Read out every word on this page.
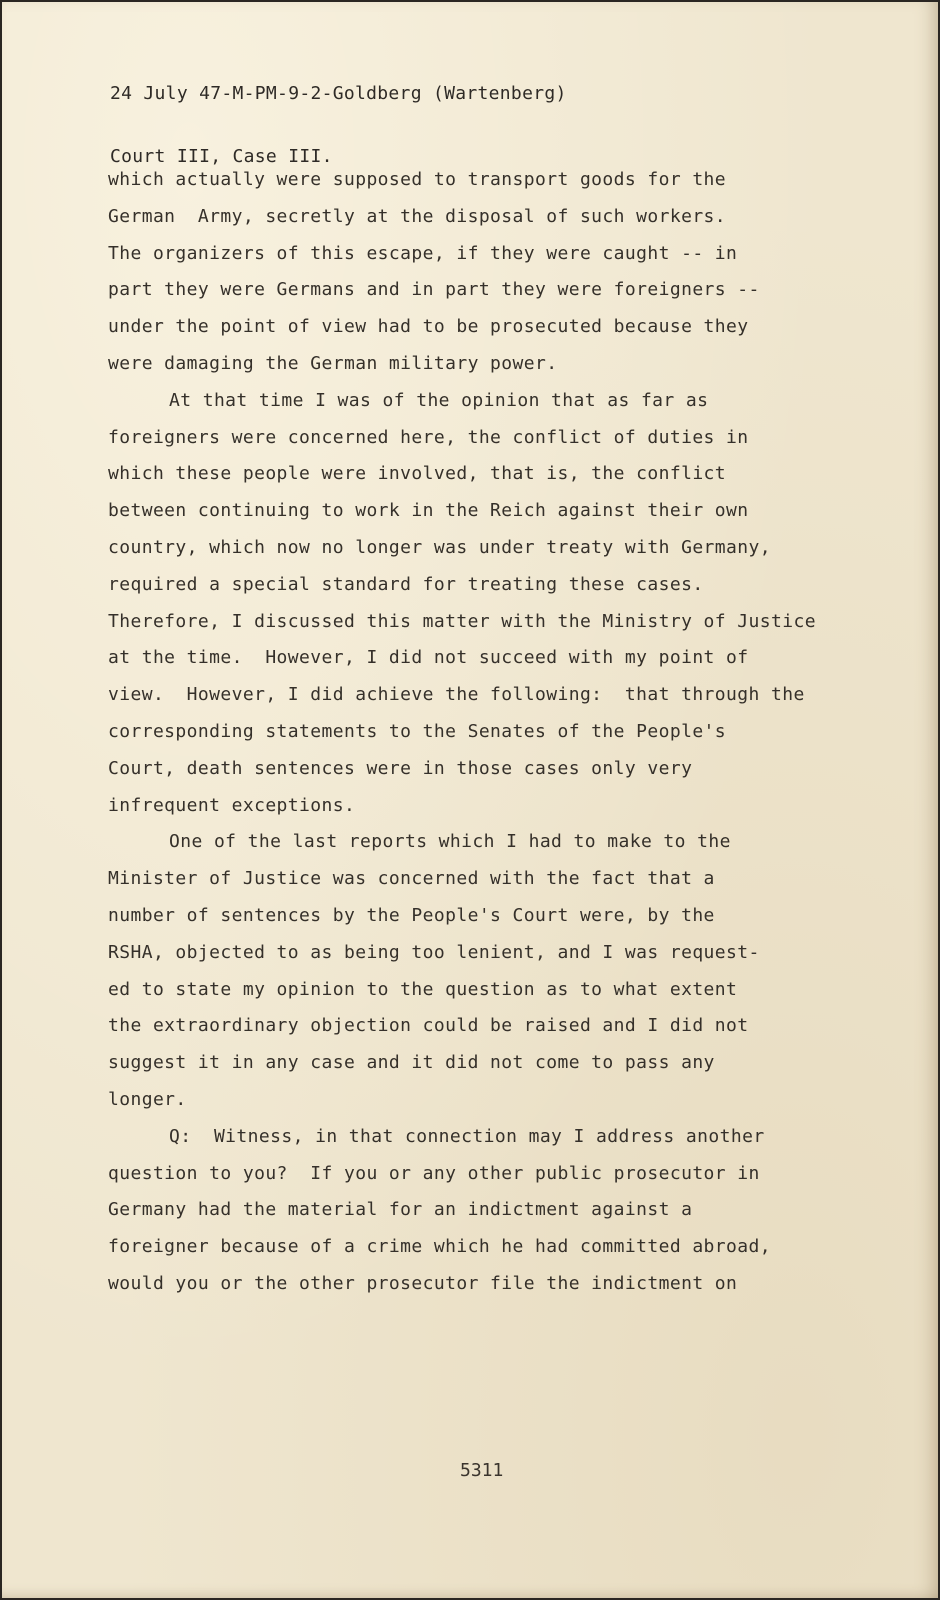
24 July 47-M-PM-9-2-Goldberg (Wartenberg)

Court III, Case III.

which actually were supposed to transport goods for the
German  Army, secretly at the disposal of such workers.
The organizers of this escape, if they were caught -- in
part they were Germans and in part they were foreigners --
under the point of view had to be prosecuted because they
were damaging the German military power.
At that time I was of the opinion that as far as
foreigners were concerned here, the conflict of duties in
which these people were involved, that is, the conflict
between continuing to work in the Reich against their own
country, which now no longer was under treaty with Germany,
required a special standard for treating these cases.
Therefore, I discussed this matter with the Ministry of Justice
at the time.  However, I did not succeed with my point of
view.  However, I did achieve the following:  that through the
corresponding statements to the Senates of the People's
Court, death sentences were in those cases only very
infrequent exceptions.
One of the last reports which I had to make to the
Minister of Justice was concerned with the fact that a
number of sentences by the People's Court were, by the
RSHA, objected to as being too lenient, and I was request-
ed to state my opinion to the question as to what extent
the extraordinary objection could be raised and I did not
suggest it in any case and it did not come to pass any
longer.
Q:  Witness, in that connection may I address another
question to you?  If you or any other public prosecutor in
Germany had the material for an indictment against a
foreigner because of a crime which he had committed abroad,
would you or the other prosecutor file the indictment on
5311
